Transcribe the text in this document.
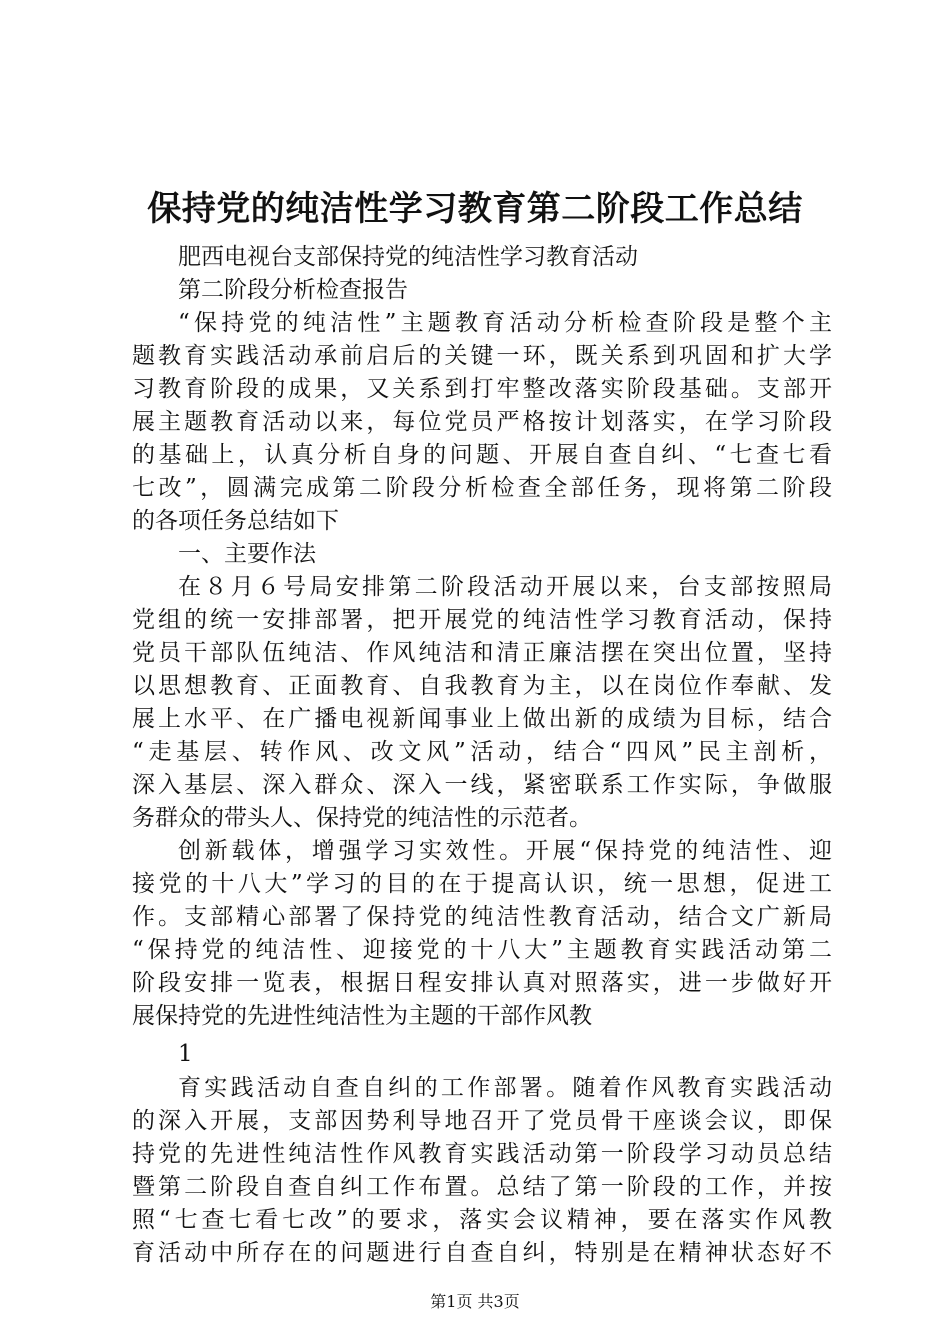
保持党的纯洁性学习教育第二阶段工作总结
肥西电视台支部保持党的纯洁性学习教育活动
第二阶段分析检查报告
“保持党的纯洁性”主题教育活动分析检查阶段是整个主
题教育实践活动承前启后的关键一环，既关系到巩固和扩大学
习教育阶段的成果，又关系到打牢整改落实阶段基础。支部开
展主题教育活动以来，每位党员严格按计划落实，在学习阶段
的基础上，认真分析自身的问题、开展自查自纠、“七查七看
七改”，圆满完成第二阶段分析检查全部任务，现将第二阶段
的各项任务总结如下
一、主要作法
在８月６号局安排第二阶段活动开展以来，台支部按照局
党组的统一安排部署，把开展党的纯洁性学习教育活动，保持
党员干部队伍纯洁、作风纯洁和清正廉洁摆在突出位置，坚持
以思想教育、正面教育、自我教育为主，以在岗位作奉献、发
展上水平、在广播电视新闻事业上做出新的成绩为目标，结合
“走基层、转作风、改文风”活动，结合“四风”民主剖析，
深入基层、深入群众、深入一线，紧密联系工作实际，争做服
务群众的带头人、保持党的纯洁性的示范者。
创新载体，增强学习实效性。开展“保持党的纯洁性、迎
接党的十八大”学习的目的在于提高认识，统一思想，促进工
作。支部精心部署了保持党的纯洁性教育活动，结合文广新局
“保持党的纯洁性、迎接党的十八大”主题教育实践活动第二
阶段安排一览表，根据日程安排认真对照落实，进一步做好开
展保持党的先进性纯洁性为主题的干部作风教
1
育实践活动自查自纠的工作部署。随着作风教育实践活动
的深入开展，支部因势利导地召开了党员骨干座谈会议，即保
持党的先进性纯洁性作风教育实践活动第一阶段学习动员总结
暨第二阶段自查自纠工作布置。总结了第一阶段的工作，并按
照“七查七看七改”的要求，落实会议精神，要在落实作风教
育活动中所存在的问题进行自查自纠，特别是在精神状态好不
第1页 共3页
